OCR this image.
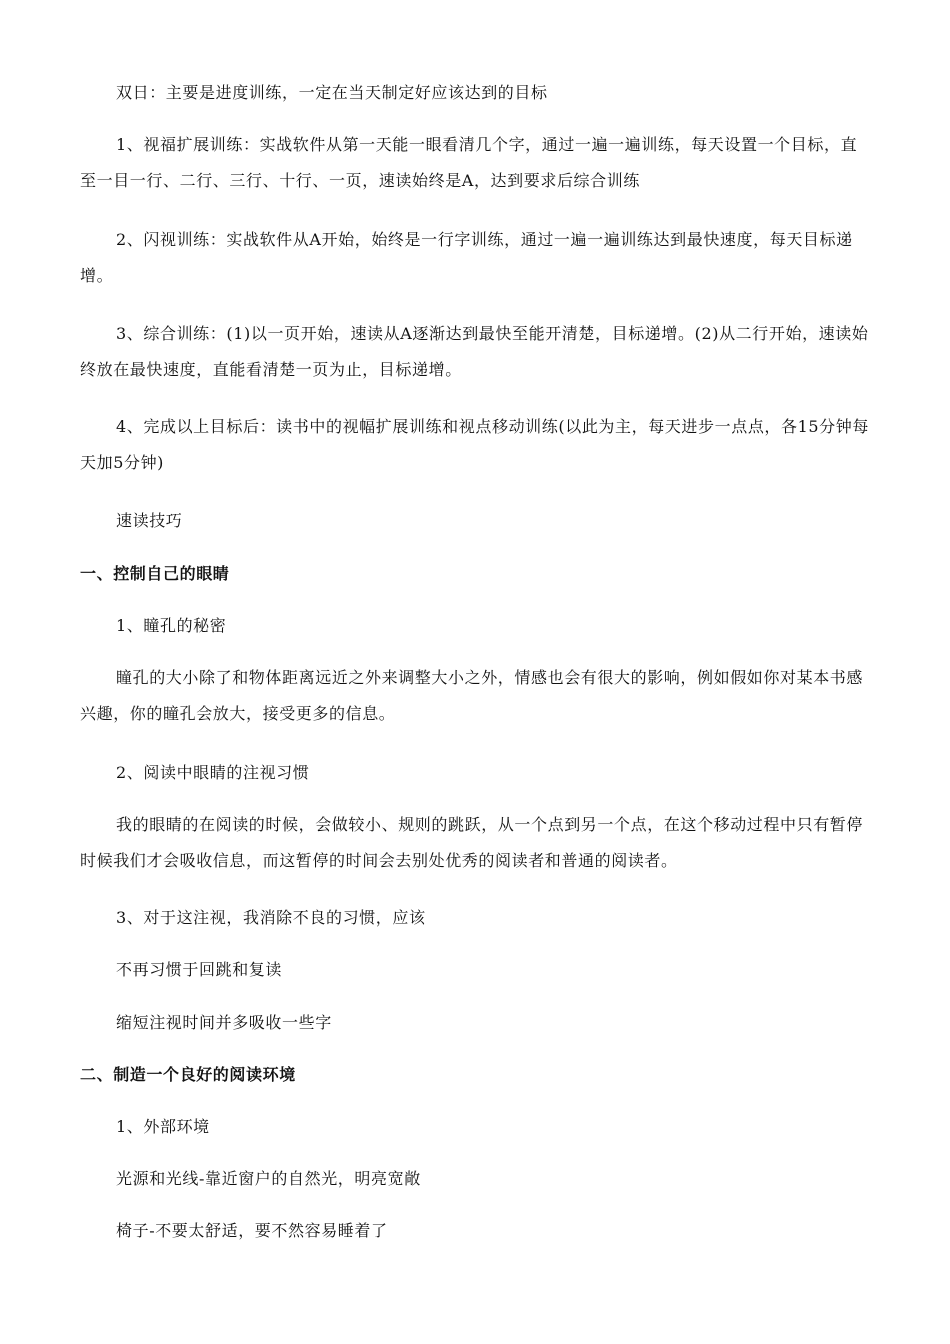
双日：主要是进度训练，一定在当天制定好应该达到的目标
1、视福扩展训练：实战软件从第一天能一眼看清几个字，通过一遍一遍训练，每天设置一个目标，直至一目一行、二行、三行、十行、一页，速读始终是A，达到要求后综合训练
2、闪视训练：实战软件从A开始，始终是一行字训练，通过一遍一遍训练达到最快速度，每天目标递增。
3、综合训练：(1)以一页开始，速读从A逐渐达到最快至能开清楚，目标递增。(2)从二行开始，速读始终放在最快速度，直能看清楚一页为止，目标递增。
4、完成以上目标后：读书中的视幅扩展训练和视点移动训练(以此为主，每天进步一点点，各15分钟每天加5分钟)
速读技巧
一、控制自己的眼睛
1、瞳孔的秘密
瞳孔的大小除了和物体距离远近之外来调整大小之外，情感也会有很大的影响，例如假如你对某本书感兴趣，你的瞳孔会放大，接受更多的信息。
2、阅读中眼睛的注视习惯
我的眼睛的在阅读的时候，会做较小、规则的跳跃，从一个点到另一个点，在这个移动过程中只有暂停时候我们才会吸收信息，而这暂停的时间会去别处优秀的阅读者和普通的阅读者。
3、对于这注视，我消除不良的习惯，应该
不再习惯于回跳和复读
缩短注视时间并多吸收一些字
二、制造一个良好的阅读环境
1、外部环境
光源和光线-靠近窗户的自然光，明亮宽敞
椅子-不要太舒适，要不然容易睡着了
